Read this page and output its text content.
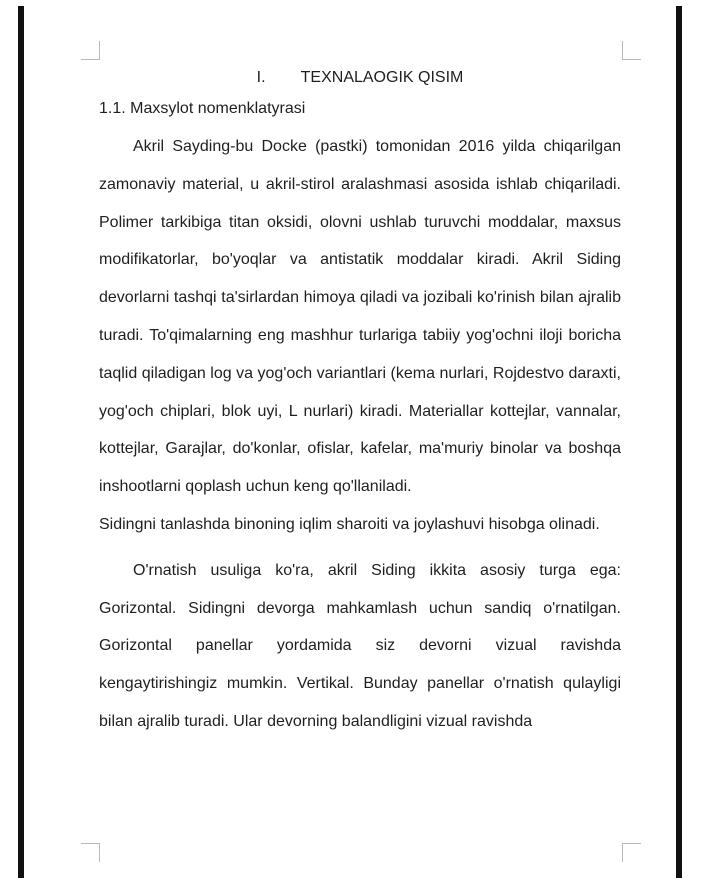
I. TEXNALAOGIK QISIM
1.1. Maxsylot nomenklatyrasi

Akril Sayding-bu Docke (pastki) tomonidan 2016 yilda chiqarilgan zamonaviy material, u akril-stirol aralashmasi asosida ishlab chiqariladi. Polimer tarkibiga titan oksidi, olovni ushlab turuvchi moddalar, maxsus modifikatorlar, bo'yoqlar va antistatik moddalar kiradi. Akril Siding devorlarni tashqi ta'sirlardan himoya qiladi va jozibali ko'rinish bilan ajralib turadi. To'qimalarning eng mashhur turlariga tabiiy yog'ochni iloji boricha taqlid qiladigan log va yog'och variantlari (kema nurlari, Rojdestvo daraxti, yog'och chiplari, blok uyi, L nurlari) kiradi. Materiallar kottejlar, vannalar, kottejlar, Garajlar, do'konlar, ofislar, kafelar, ma'muriy binolar va boshqa inshootlarni qoplash uchun keng qo'llaniladi.

Sidingni tanlashda binoning iqlim sharoiti va joylashuvi hisobga olinadi.

O'rnatish usuliga ko'ra, akril Siding ikkita asosiy turga ega: Gorizontal. Sidingni devorga mahkamlash uchun sandiq o'rnatilgan. Gorizontal panellar yordamida siz devorni vizual ravishda kengaytirishingiz mumkin. Vertikal. Bunday panellar o'rnatish qulayligi bilan ajralib turadi. Ular devorning balandligini vizual ravishda
